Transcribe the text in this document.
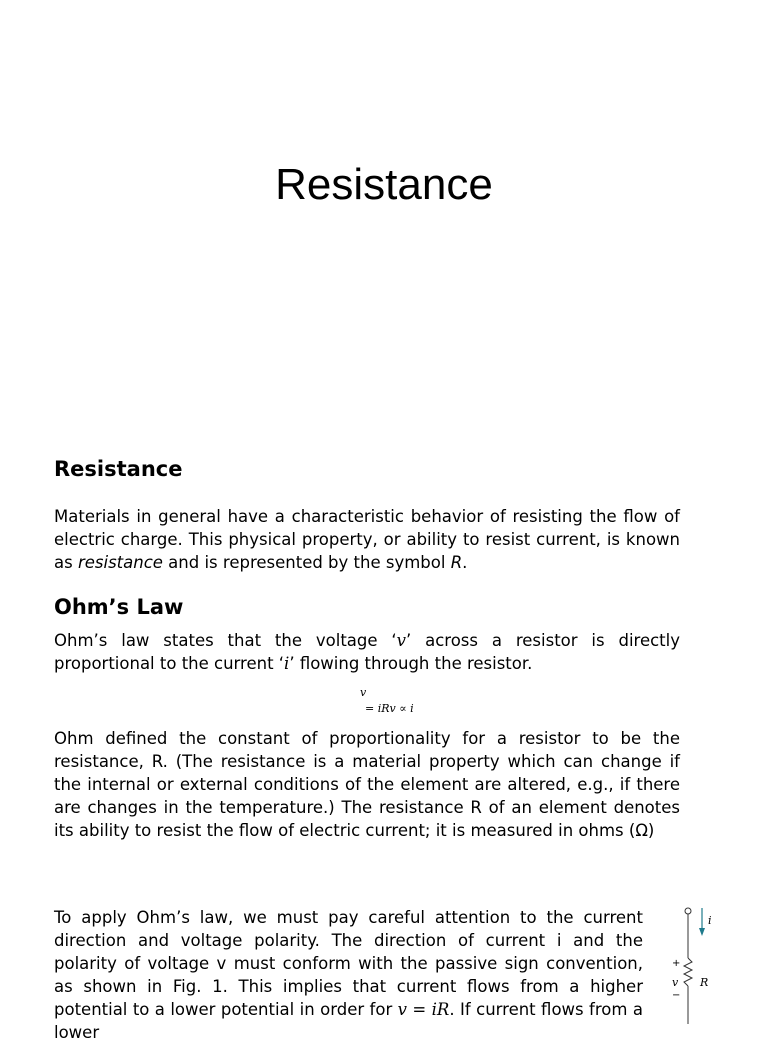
Resistance
Resistance

Materials in general have a characteristic behavior of resisting the flow of electric charge. This physical property, or ability to resist current, is known as resistance and is represented by the symbol R.

Ohm’s Law

Ohm’s law states that the voltage ‘v’ across a resistor is directly proportional to the current ‘i’ flowing through the resistor.

v
= iRv ∝ i

Ohm defined the constant of proportionality for a resistor to be the resistance, R. (The resistance is a material property which can change if the internal or external conditions of the element are altered, e.g., if there are changes in the temperature.) The resistance R of an element denotes its ability to resist the flow of electric current; it is measured in ohms (Ω)

To apply Ohm’s law, we must pay careful attention to the current direction and voltage polarity. The direction of current i and the polarity of voltage v must conform with the passive sign convention, as shown in Fig. 1. This implies that current flows from a higher potential to a lower potential in order for v = iR. If current flows from a lower

i
+
v
−
R
